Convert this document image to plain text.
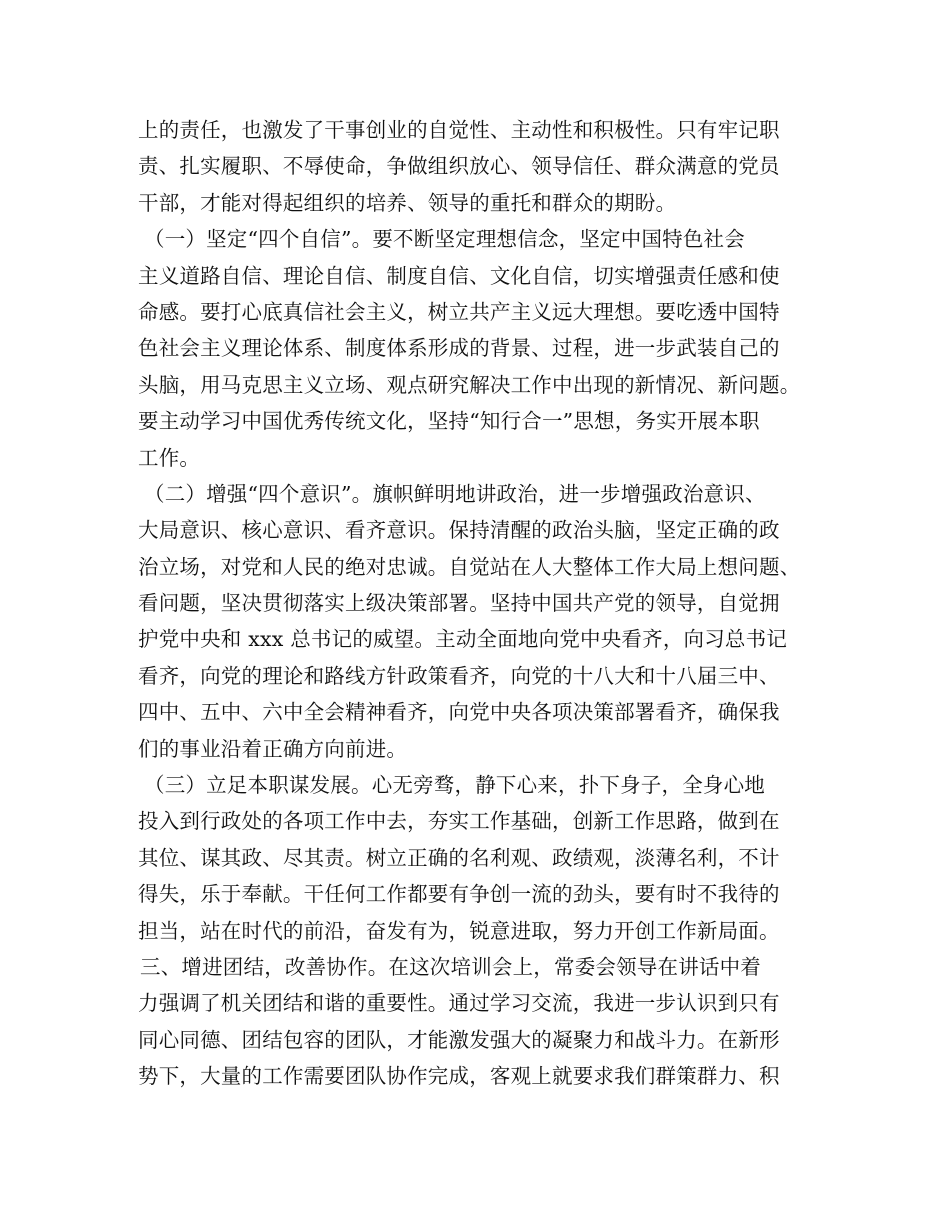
上的责任，也激发了干事创业的自觉性、主动性和积极性。只有牢记职
责、扎实履职、不辱使命，争做组织放心、领导信任、群众满意的党员
干部，才能对得起组织的培养、领导的重托和群众的期盼。
（一）坚定“四个自信”。要不断坚定理想信念，坚定中国特色社会
主义道路自信、理论自信、制度自信、文化自信，切实增强责任感和使
命感。要打心底真信社会主义，树立共产主义远大理想。要吃透中国特
色社会主义理论体系、制度体系形成的背景、过程，进一步武装自己的
头脑，用马克思主义立场、观点研究解决工作中出现的新情况、新问题。
要主动学习中国优秀传统文化，坚持“知行合一”思想，务实开展本职
工作。
（二）增强“四个意识”。旗帜鲜明地讲政治，进一步增强政治意识、
大局意识、核心意识、看齐意识。保持清醒的政治头脑，坚定正确的政
治立场，对党和人民的绝对忠诚。自觉站在人大整体工作大局上想问题、
看问题，坚决贯彻落实上级决策部署。坚持中国共产党的领导，自觉拥
护党中央和 xxx 总书记的威望。主动全面地向党中央看齐，向习总书记
看齐，向党的理论和路线方针政策看齐，向党的十八大和十八届三中、
四中、五中、六中全会精神看齐，向党中央各项决策部署看齐，确保我
们的事业沿着正确方向前进。
（三）立足本职谋发展。心无旁骛，静下心来，扑下身子，全身心地
投入到行政处的各项工作中去，夯实工作基础，创新工作思路，做到在
其位、谋其政、尽其责。树立正确的名利观、政绩观，淡薄名利，不计
得失，乐于奉献。干任何工作都要有争创一流的劲头，要有时不我待的
担当，站在时代的前沿，奋发有为，锐意进取，努力开创工作新局面。
三、增进团结，改善协作。在这次培训会上，常委会领导在讲话中着
力强调了机关团结和谐的重要性。通过学习交流，我进一步认识到只有
同心同德、团结包容的团队，才能激发强大的凝聚力和战斗力。在新形
势下，大量的工作需要团队协作完成，客观上就要求我们群策群力、积
